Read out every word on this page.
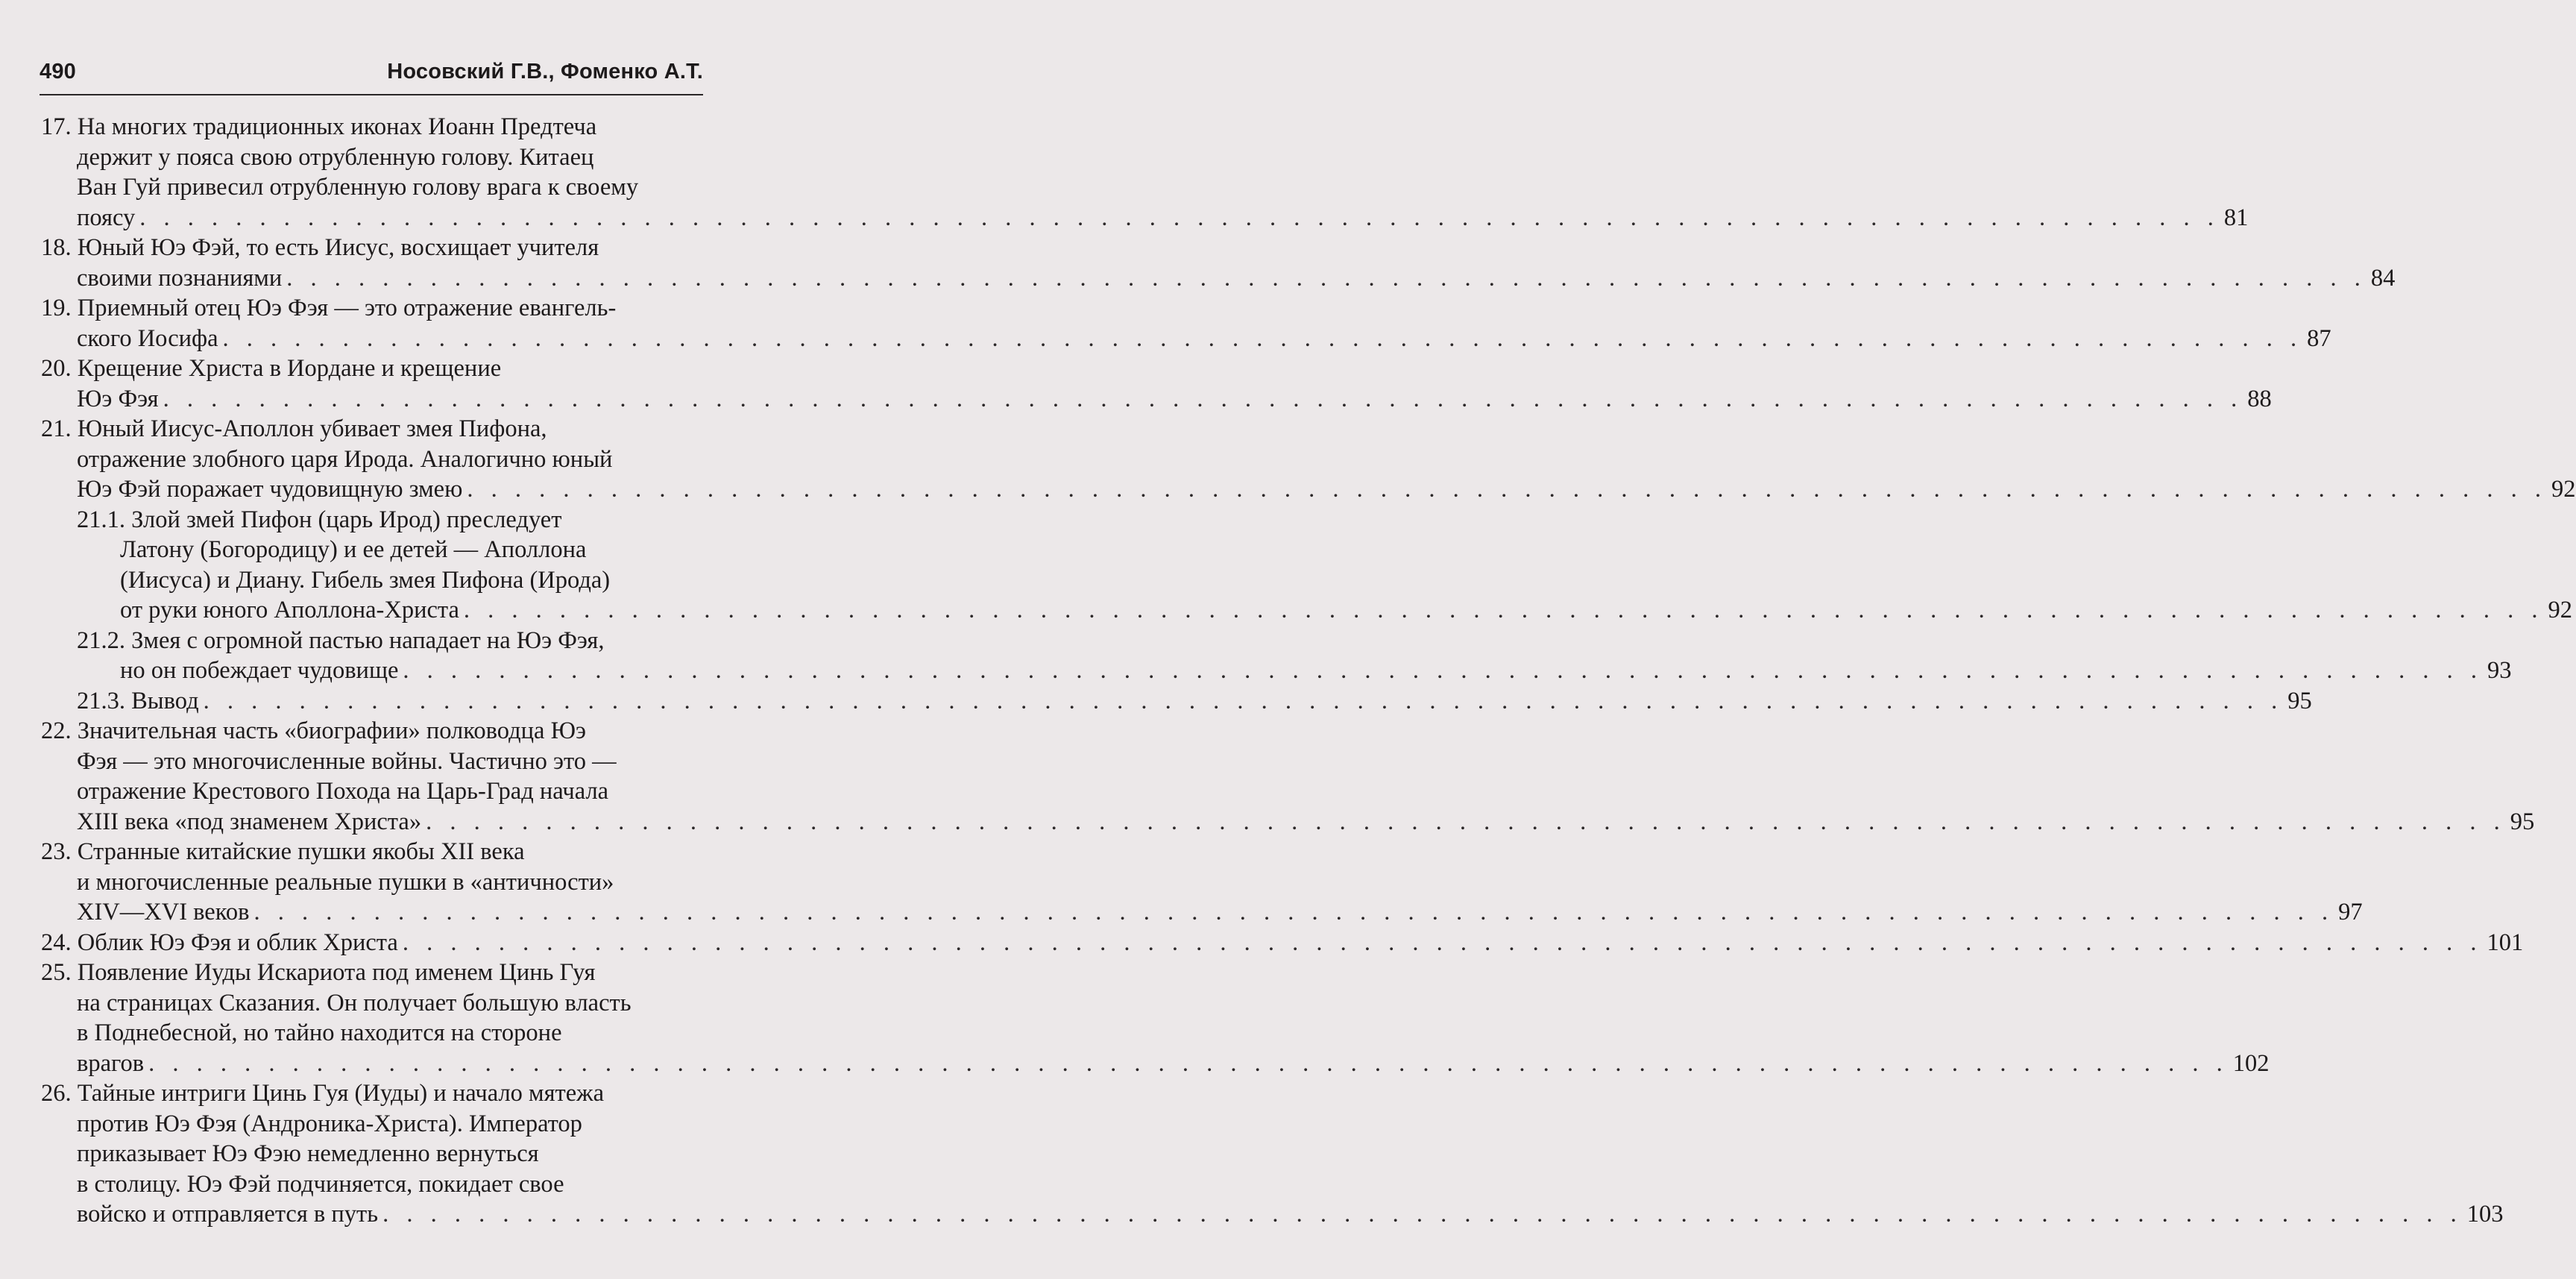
490	Носовский Г.В., Фоменко А.Т.
17. На многих традиционных иконах Иоанн Предтеча
держит у пояса свою отрубленную голову. Китаец
Ван Гуй привесил отрубленную голову врага к своему
поясу . . .	81
18. Юный Юэ Фэй, то есть Иисус, восхищает учителя
своими познаниями . . .	84
19. Приемный отец Юэ Фэя — это отражение евангель-
ского Иосифа . . .	87
20. Крещение Христа в Иордане и крещение
Юэ Фэя . . .	88
21. Юный Иисус-Аполлон убивает змея Пифона,
отражение злобного царя Ирода. Аналогично юный
Юэ Фэй поражает чудовищную змею . . .	92
21.1. Злой змей Пифон (царь Ирод) преследует
Латону (Богородицу) и ее детей — Аполлона
(Иисуса) и Диану. Гибель змея Пифона (Ирода)
от руки юного Аполлона-Христа . . .	92
21.2. Змея с огромной пастью нападает на Юэ Фэя,
но он побеждает чудовище . . .	93
21.3. Вывод . . .	95
22. Значительная часть «биографии» полководца Юэ
Фэя — это многочисленные войны. Частично это —
отражение Крестового Похода на Царь-Град начала
XIII века «под знаменем Христа» . . .	95
23. Странные китайские пушки якобы XII века
и многочисленные реальные пушки в «античности»
XIV—XVI веков . . .	97
24. Облик Юэ Фэя и облик Христа . . .	101
25. Появление Иуды Искариота под именем Цинь Гуя
на страницах Сказания. Он получает большую власть
в Поднебесной, но тайно находится на стороне
врагов . . .	102
26. Тайные интриги Цинь Гуя (Иуды) и начало мятежа
против Юэ Фэя (Андроника-Христа). Император
приказывает Юэ Фэю немедленно вернуться
в столицу. Юэ Фэй подчиняется, покидает свое
войско и отправляется в путь . . .	103
